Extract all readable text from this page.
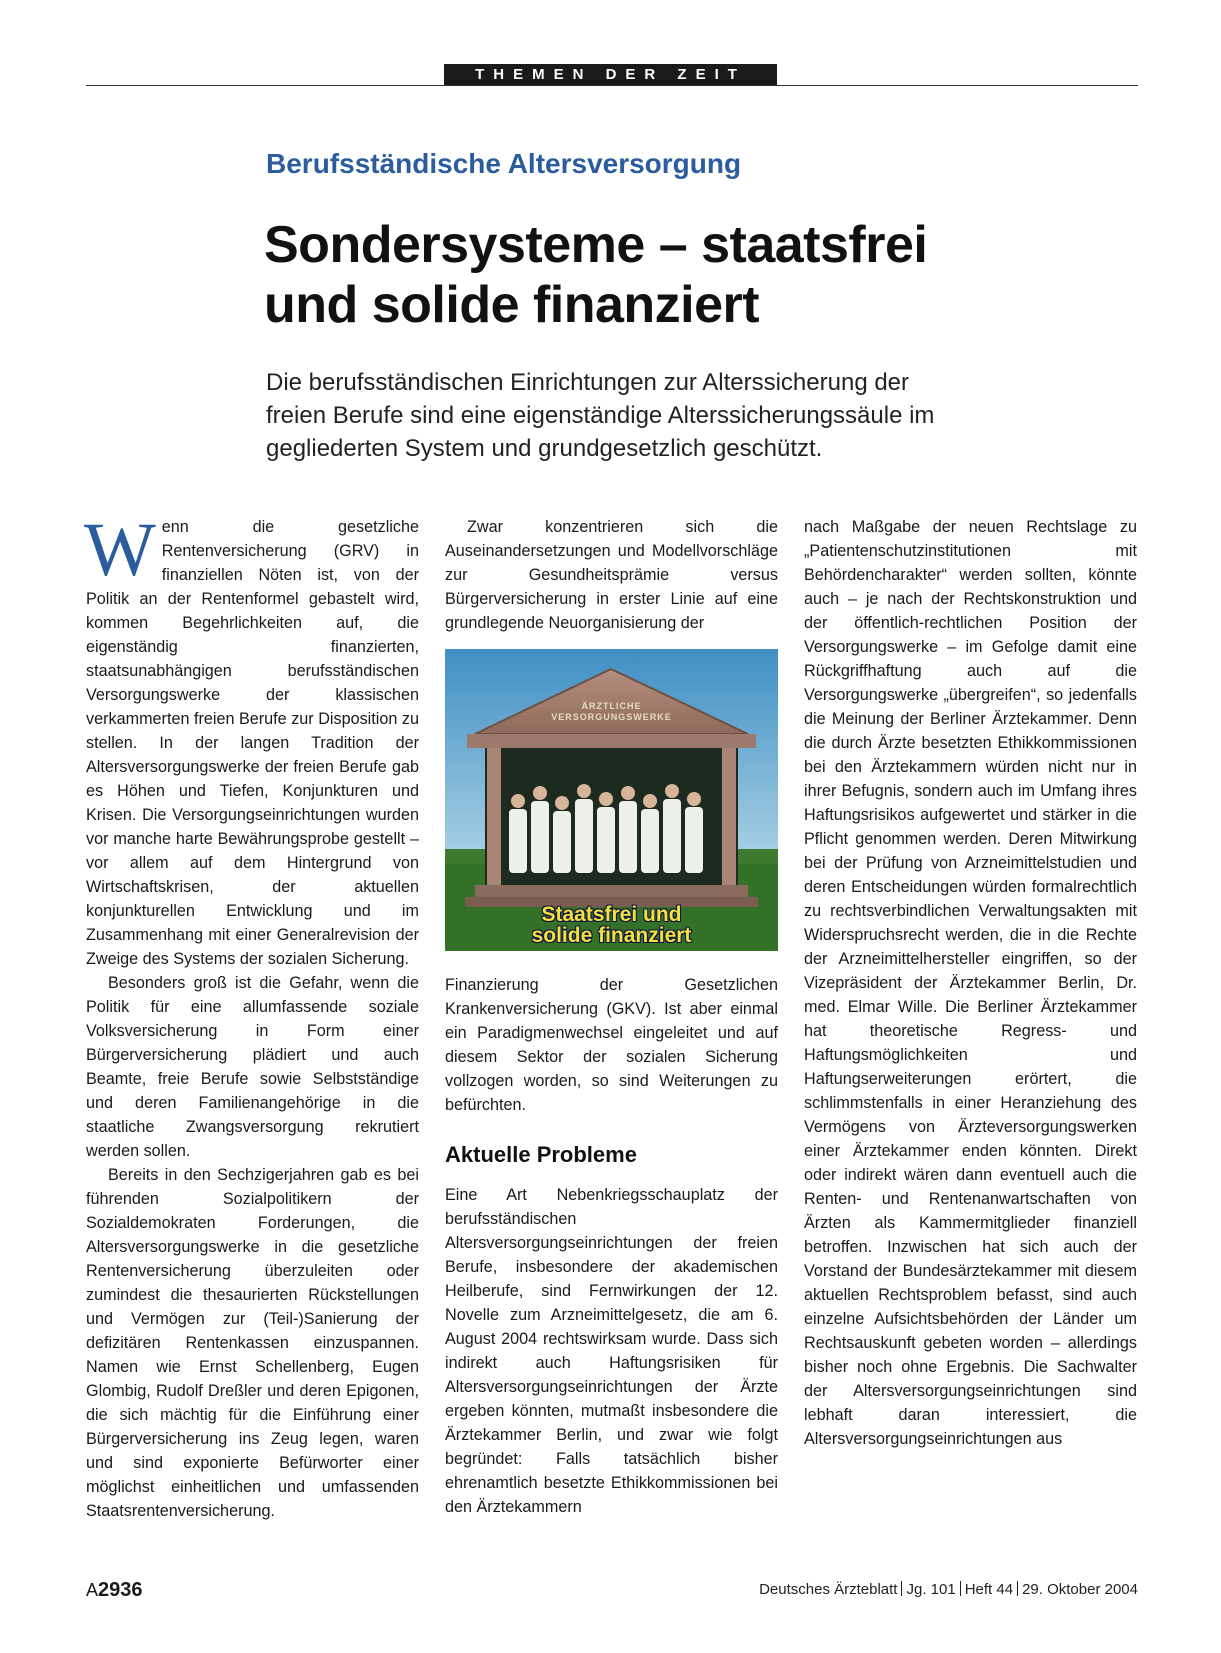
THEMEN DER ZEIT
Berufsständische Altersversorgung
Sondersysteme – staatsfrei und solide finanziert
Die berufsständischen Einrichtungen zur Alterssicherung der freien Berufe sind eine eigenständige Alterssicherungssäule im gegliederten System und grundgesetzlich geschützt.

Wenn die gesetzliche Rentenversicherung (GRV) in finanziellen Nöten ist, von der Politik an der Rentenformel gebastelt wird, kommen Begehrlichkeiten auf, die eigenständig finanzierten, staatsunabhängigen berufsständischen Versorgungswerke der klassischen verkammerten freien Berufe zur Disposition zu stellen. In der langen Tradition der Altersversorgungswerke der freien Berufe gab es Höhen und Tiefen, Konjunkturen und Krisen. Die Versorgungseinrichtungen wurden vor manche harte Bewährungsprobe gestellt – vor allem auf dem Hintergrund von Wirtschaftskrisen, der aktuellen konjunkturellen Entwicklung und im Zusammenhang mit einer Generalrevision der Zweige des Systems der sozialen Sicherung.

Besonders groß ist die Gefahr, wenn die Politik für eine allumfassende soziale Volksversicherung in Form einer Bürgerversicherung plädiert und auch Beamte, freie Berufe sowie Selbstständige und deren Familienangehörige in die staatliche Zwangsversorgung rekrutiert werden sollen.

Bereits in den Sechzigerjahren gab es bei führenden Sozialpolitikern der Sozialdemokraten Forderungen, die Altersversorgungswerke in die gesetzliche Rentenversicherung überzuleiten oder zumindest die thesaurierten Rückstellungen und Vermögen zur (Teil-)Sanierung der defizitären Rentenkassen einzuspannen. Namen wie Ernst Schellenberg, Eugen Glombig, Rudolf Dreßler und deren Epigonen, die sich mächtig für die Einführung einer Bürgerversicherung ins Zeug legen, waren und sind exponierte Befürworter einer möglichst einheitlichen und umfassenden Staatsrentenversicherung.

Zwar konzentrieren sich die Auseinandersetzungen und Modellvorschläge zur Gesundheitsprämie versus Bürgerversicherung in erster Linie auf eine grundlegende Neuorganisierung der

ÄRZTLICHE
VERSORGUNGSWERKE
Staatsfrei und
solide finanziert

Finanzierung der Gesetzlichen Krankenversicherung (GKV). Ist aber einmal ein Paradigmenwechsel eingeleitet und auf diesem Sektor der sozialen Sicherung vollzogen worden, so sind Weiterungen zu befürchten.

Aktuelle Probleme

Eine Art Nebenkriegsschauplatz der berufsständischen Altersversorgungseinrichtungen der freien Berufe, insbesondere der akademischen Heilberufe, sind Fernwirkungen der 12. Novelle zum Arzneimittelgesetz, die am 6. August 2004 rechtswirksam wurde. Dass sich indirekt auch Haftungsrisiken für Altersversorgungseinrichtungen der Ärzte ergeben könnten, mutmaßt insbesondere die Ärztekammer Berlin, und zwar wie folgt begründet: Falls tatsächlich bisher ehrenamtlich besetzte Ethikkommissionen bei den Ärztekammern

nach Maßgabe der neuen Rechtslage zu „Patientenschutzinstitutionen mit Behördencharakter“ werden sollten, könnte auch – je nach der Rechtskonstruktion und der öffentlich-rechtlichen Position der Versorgungswerke – im Gefolge damit eine Rückgriffhaftung auch auf die Versorgungswerke „übergreifen“, so jedenfalls die Meinung der Berliner Ärztekammer. Denn die durch Ärzte besetzten Ethikkommissionen bei den Ärztekammern würden nicht nur in ihrer Befugnis, sondern auch im Umfang ihres Haftungsrisikos aufgewertet und stärker in die Pflicht genommen werden. Deren Mitwirkung bei der Prüfung von Arzneimittelstudien und deren Entscheidungen würden formalrechtlich zu rechtsverbindlichen Verwaltungsakten mit Widerspruchsrecht werden, die in die Rechte der Arzneimittelhersteller eingriffen, so der Vizepräsident der Ärztekammer Berlin, Dr. med. Elmar Wille. Die Berliner Ärztekammer hat theoretische Regress- und Haftungsmöglichkeiten und Haftungserweiterungen erörtert, die schlimmstenfalls in einer Heranziehung des Vermögens von Ärzteversorgungswerken einer Ärztekammer enden könnten. Direkt oder indirekt wären dann eventuell auch die Renten- und Rentenanwartschaften von Ärzten als Kammermitglieder finanziell betroffen. Inzwischen hat sich auch der Vorstand der Bundesärztekammer mit diesem aktuellen Rechtsproblem befasst, sind auch einzelne Aufsichtsbehörden der Länder um Rechtsauskunft gebeten worden – allerdings bisher noch ohne Ergebnis. Die Sachwalter der Altersversorgungseinrichtungen sind lebhaft daran interessiert, die Altersversorgungseinrichtungen aus

A2936	Deutsches Ärzteblatt Jg. 101 Heft 44 29. Oktober 2004
